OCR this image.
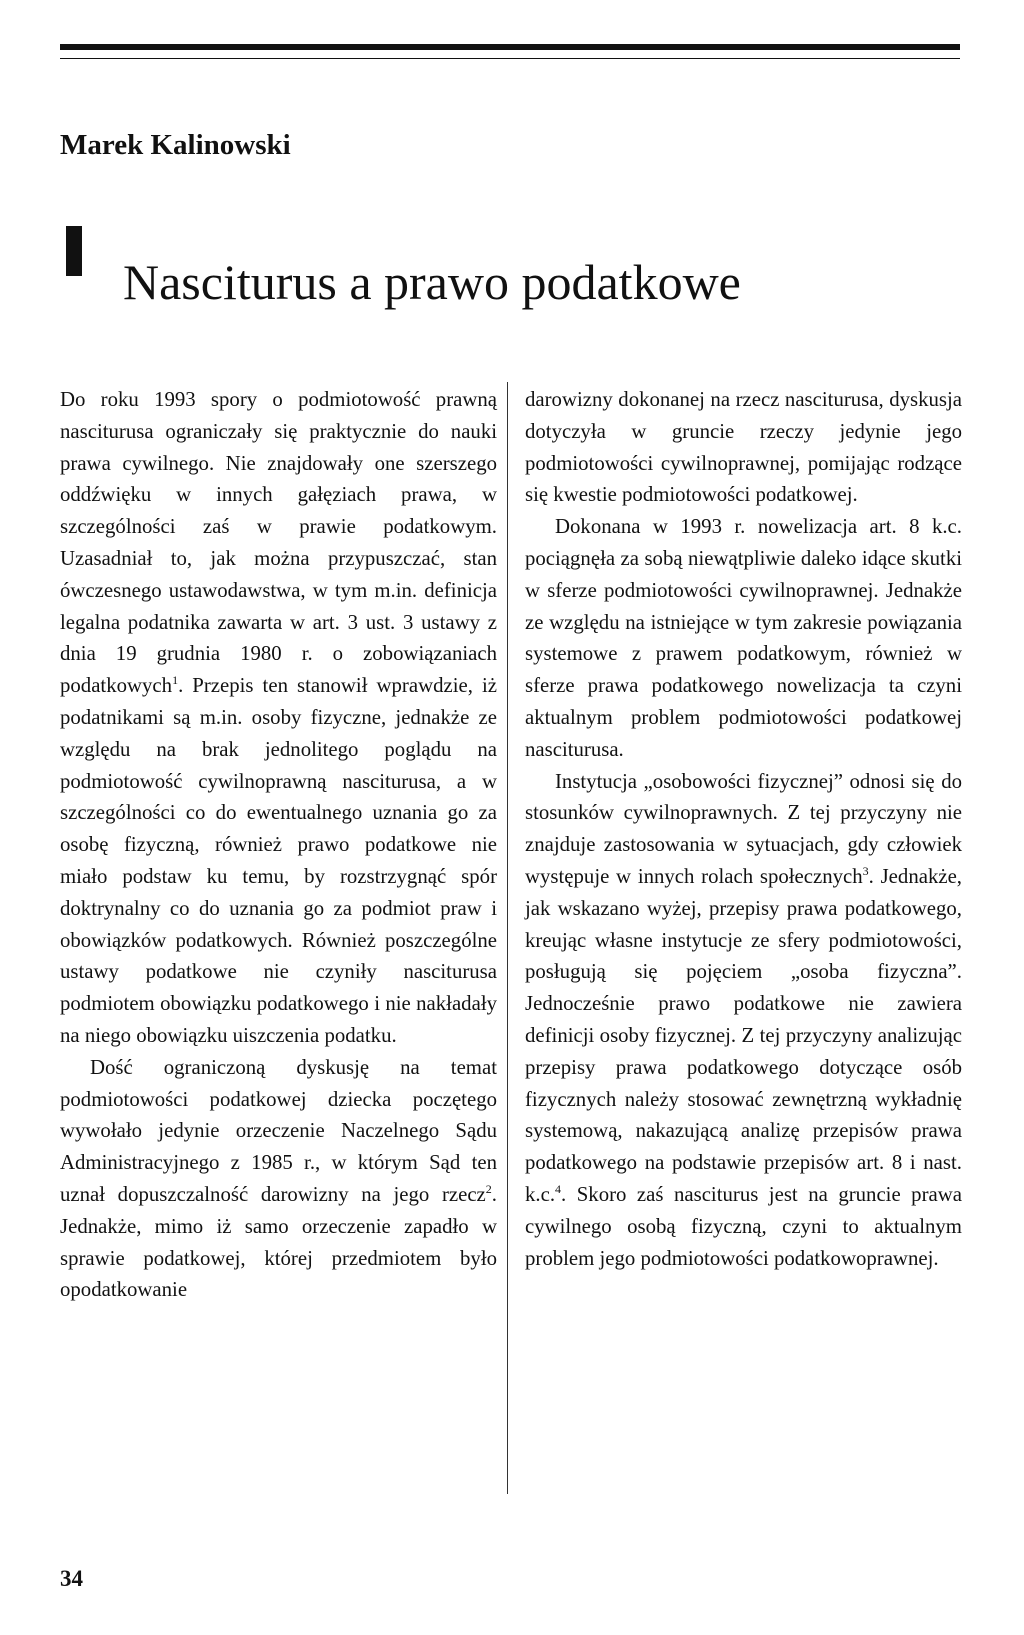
Marek Kalinowski
Nasciturus a prawo podatkowe

Do roku 1993 spory o podmiotowość prawną nasciturusa ograniczały się praktycznie do nauki prawa cywilnego. Nie znajdowały one szerszego oddźwięku w innych gałęziach prawa, w szczególności zaś w prawie podatkowym. Uzasadniał to, jak można przypuszczać, stan ówczesnego ustawodawstwa, w tym m.in. definicja legalna podatnika zawarta w art. 3 ust. 3 ustawy z dnia 19 grudnia 1980 r. o zobowiązaniach podatkowych$^1$. Przepis ten stanowił wprawdzie, iż podatnikami są m.in. osoby fizyczne, jednakże ze względu na brak jednolitego poglądu na podmiotowość cywilnoprawną nasciturusa, a w szczególności co do ewentualnego uznania go za osobę fizyczną, również prawo podatkowe nie miało podstaw ku temu, by rozstrzygnąć spór doktrynalny co do uznania go za podmiot praw i obowiązków podatkowych. Również poszczególne ustawy podatkowe nie czyniły nasciturusa podmiotem obowiązku podatkowego i nie nakładały na niego obowiązku uiszczenia podatku.

Dość ograniczoną dyskusję na temat podmiotowości podatkowej dziecka poczętego wywołało jedynie orzeczenie Naczelnego Sądu Administracyjnego z 1985 r., w którym Sąd ten uznał dopuszczalność darowizny na jego rzecz$^2$. Jednakże, mimo iż samo orzeczenie zapadło w sprawie podatkowej, której przedmiotem było opodatkowanie

darowizny dokonanej na rzecz nasciturusa, dyskusja dotyczyła w gruncie rzeczy jedynie jego podmiotowości cywilnoprawnej, pomijając rodzące się kwestie podmiotowości podatkowej.

Dokonana w 1993 r. nowelizacja art. 8 k.c. pociągnęła za sobą niewątpliwie daleko idące skutki w sferze podmiotowości cywilnoprawnej. Jednakże ze względu na istniejące w tym zakresie powiązania systemowe z prawem podatkowym, również w sferze prawa podatkowego nowelizacja ta czyni aktualnym problem podmiotowości podatkowej nasciturusa.

Instytucja „osobowości fizycznej” odnosi się do stosunków cywilnoprawnych. Z tej przyczyny nie znajduje zastosowania w sytuacjach, gdy człowiek występuje w innych rolach społecznych$^3$. Jednakże, jak wskazano wyżej, przepisy prawa podatkowego, kreując własne instytucje ze sfery podmiotowości, posługują się pojęciem „osoba fizyczna”. Jednocześnie prawo podatkowe nie zawiera definicji osoby fizycznej. Z tej przyczyny analizując przepisy prawa podatkowego dotyczące osób fizycznych należy stosować zewnętrzną wykładnię systemową, nakazującą analizę przepisów prawa podatkowego na podstawie przepisów art. 8 i nast. k.c.$^4$. Skoro zaś nasciturus jest na gruncie prawa cywilnego osobą fizyczną, czyni to aktualnym problem jego podmiotowości podatkowoprawnej.

34
